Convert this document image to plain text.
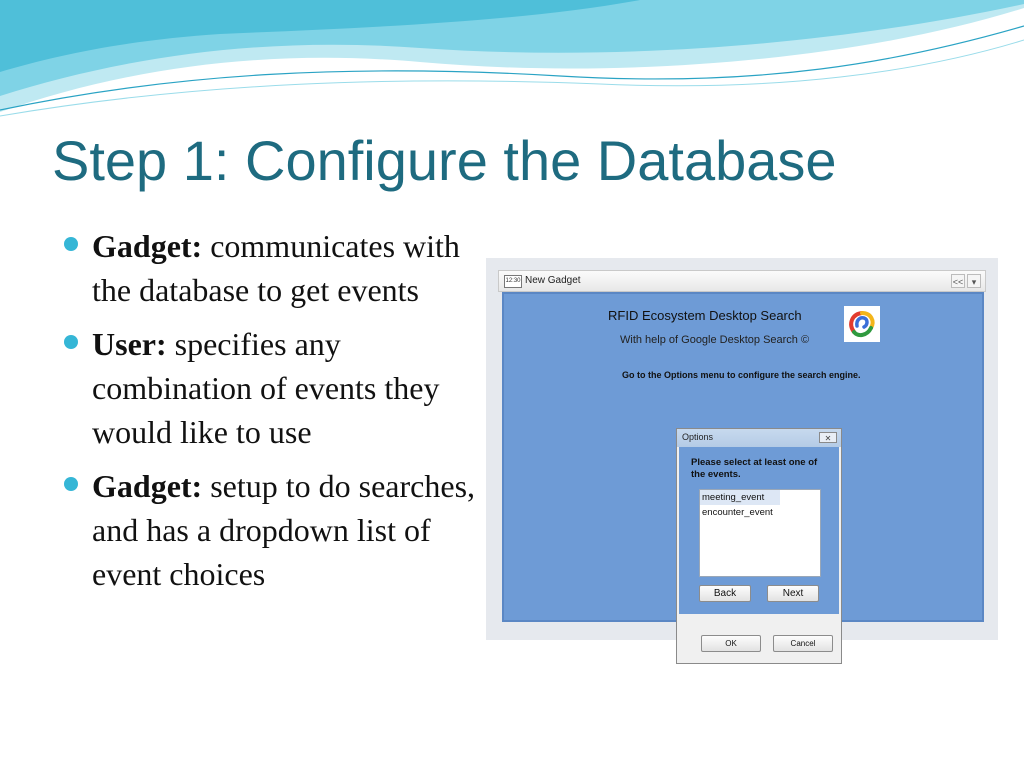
Step 1: Configure the Database
Gadget: communicates with the database to get events
User: specifies any combination of events they would like to use
Gadget: setup to do searches, and has a dropdown list of event choices
12:30 New Gadget	<< ▾
RFID Ecosystem Desktop Search
With help of Google Desktop Search ©
Go to the Options menu to configure the search engine.
Options	✕
Please select at least one of the events.
meeting_event
encounter_event
Back	Next
OK	Cancel
